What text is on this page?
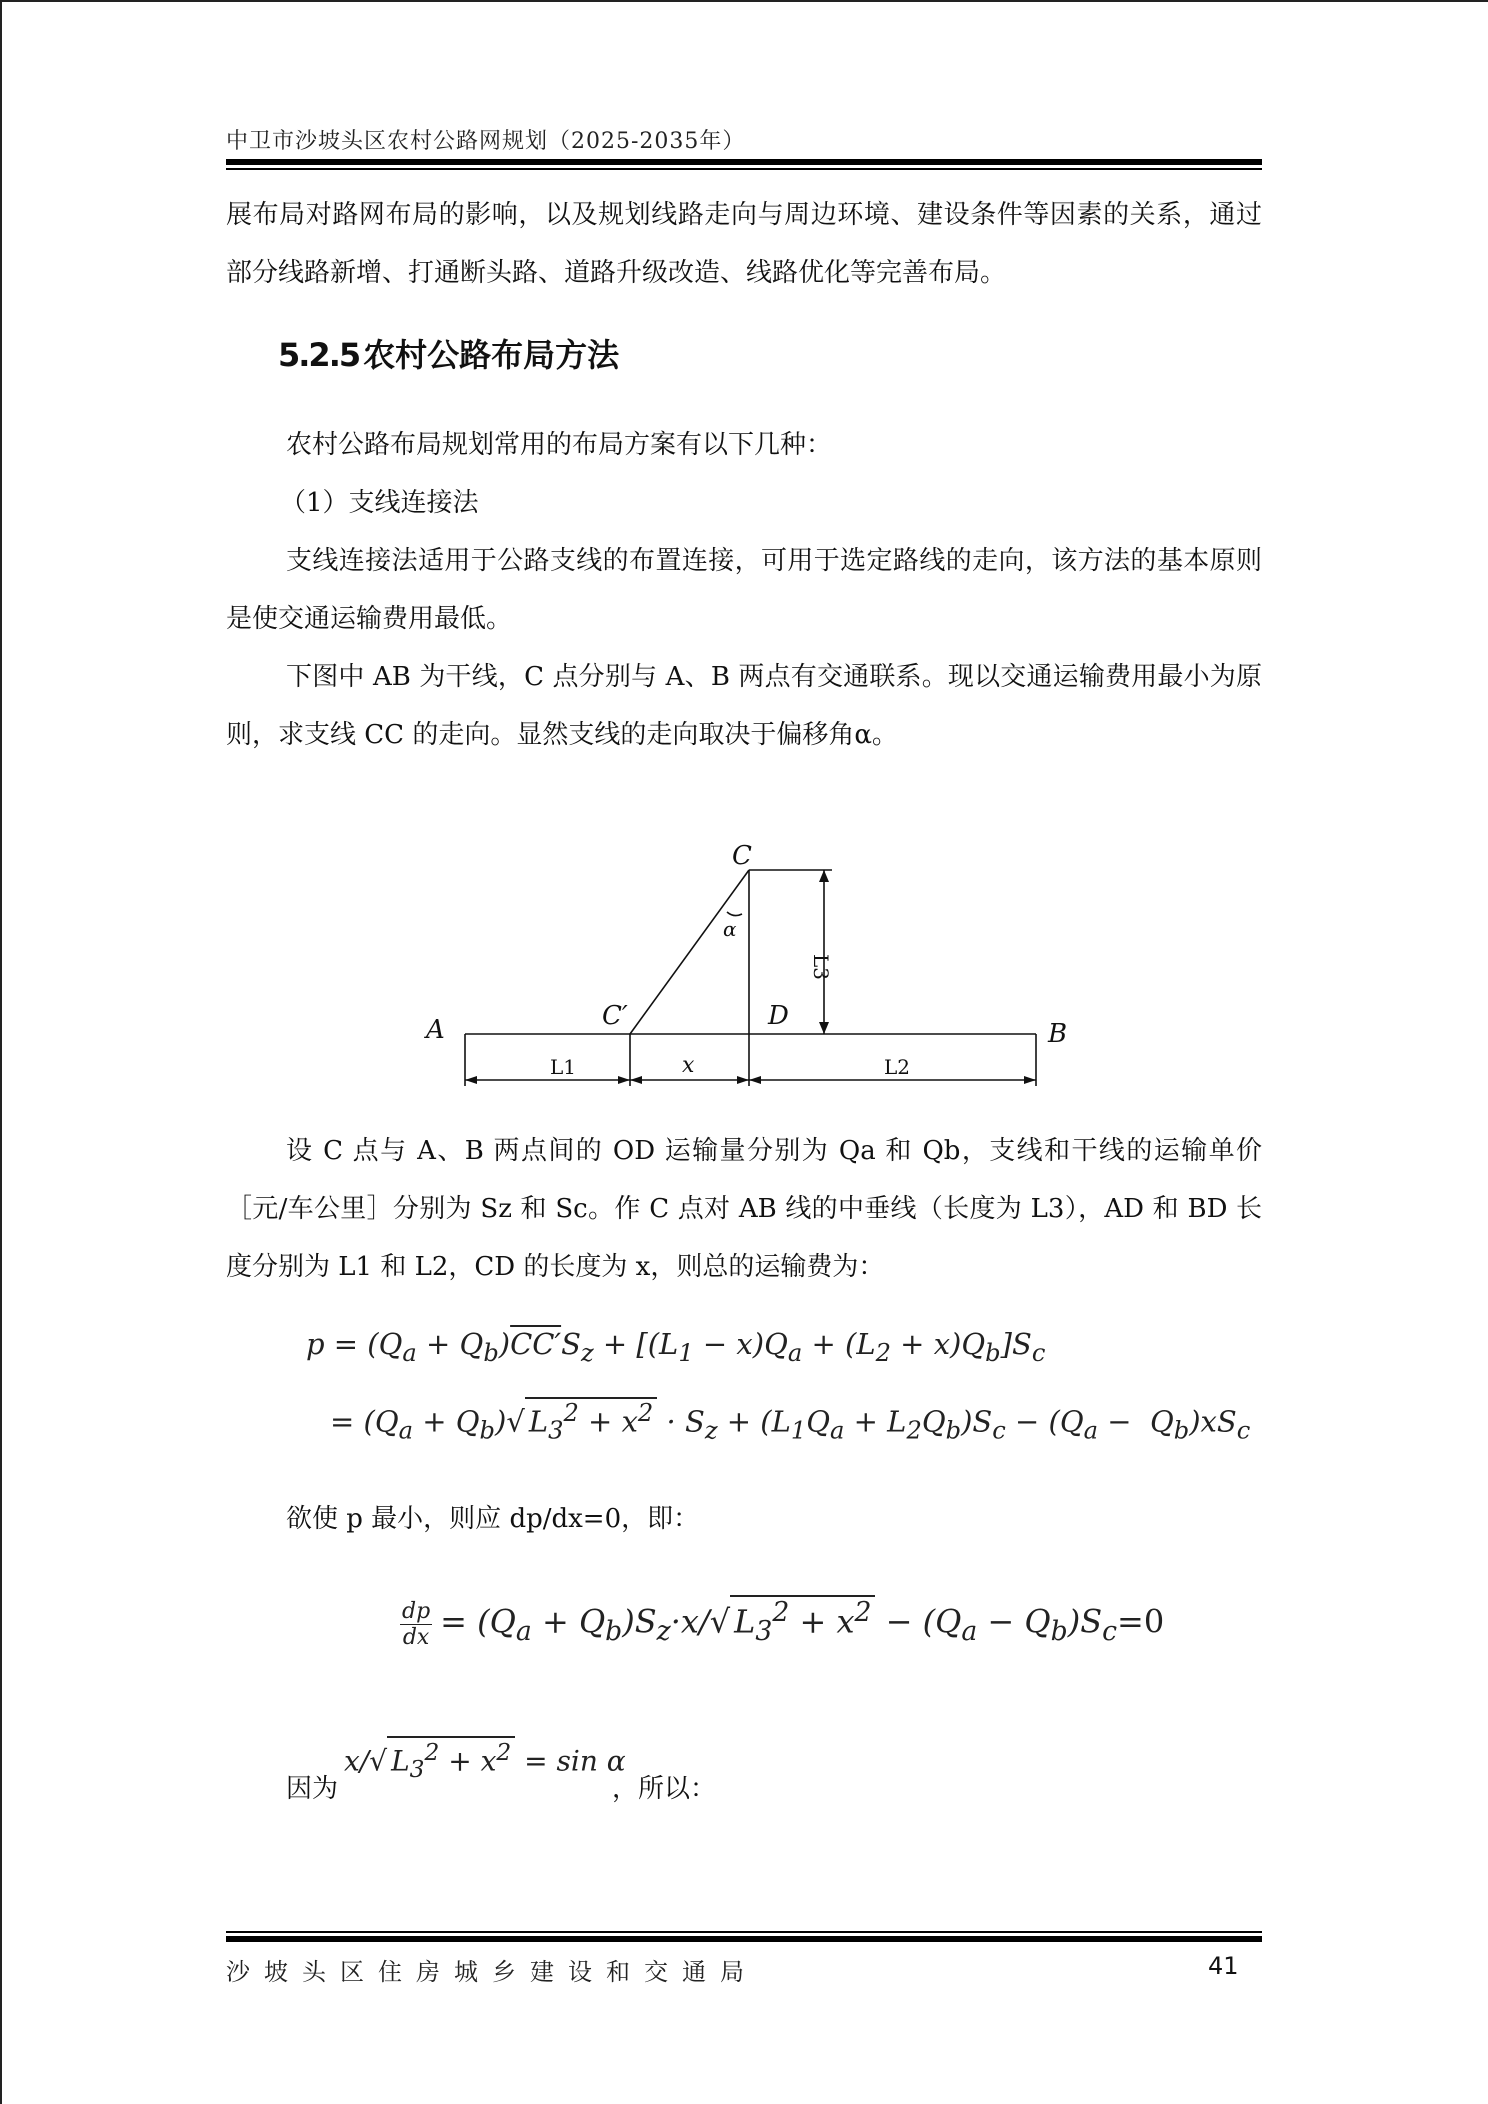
中卫市沙坡头区农村公路网规划（2025-2035年）

展布局对路网布局的影响，以及规划线路走向与周边环境、建设条件等因素的关系，通过部分线路新增、打通断头路、道路升级改造、线路优化等完善布局。

5.2.5 农村公路布局方法

农村公路布局规划常用的布局方案有以下几种：

（1）支线连接法

支线连接法适用于公路支线的布置连接，可用于选定路线的走向，该方法的基本原则是使交通运输费用最低。

下图中 AB 为干线，C 点分别与 A、B 两点有交通联系。现以交通运输费用最小为原则，求支线 CC 的走向。显然支线的走向取决于偏移角α。

C
A	B
C′	D
α
x
L1	L2
L3

设 C 点与 A、B 两点间的 OD 运输量分别为 Qa 和 Qb，支线和干线的运输单价［元/车公里］分别为 Sz 和 Sc。作 C 点对 AB 线的中垂线（长度为 L3），AD 和 BD 长度分别为 L1 和 L2，CD 的长度为 x，则总的运输费为：

$p = (Q_a + Q_b)CC'S_z + [(L_1 - x)Q_a + (L_2 + x)Q_b]S_c$
= $(Q_a + Q_b)√$ $L_3^2 + x^2 \cdot S_z + (L_1Q_a + L_2Q_b)S_c - (Q_a - Q_b)xS_c$

欲使 p 最小，则应 dp/dx=0，即：

$\frac{dp}{dx} = (Q_a + Q_b)S_z\cdot x/√$ $L_3^2 + x^2 - (Q_a - Q_b)S_c=0$
因为
x/√ $L_3^2 + x^2 = \sin \alpha$
，所以：
沙坡头区住房城乡建设和交通局	41
